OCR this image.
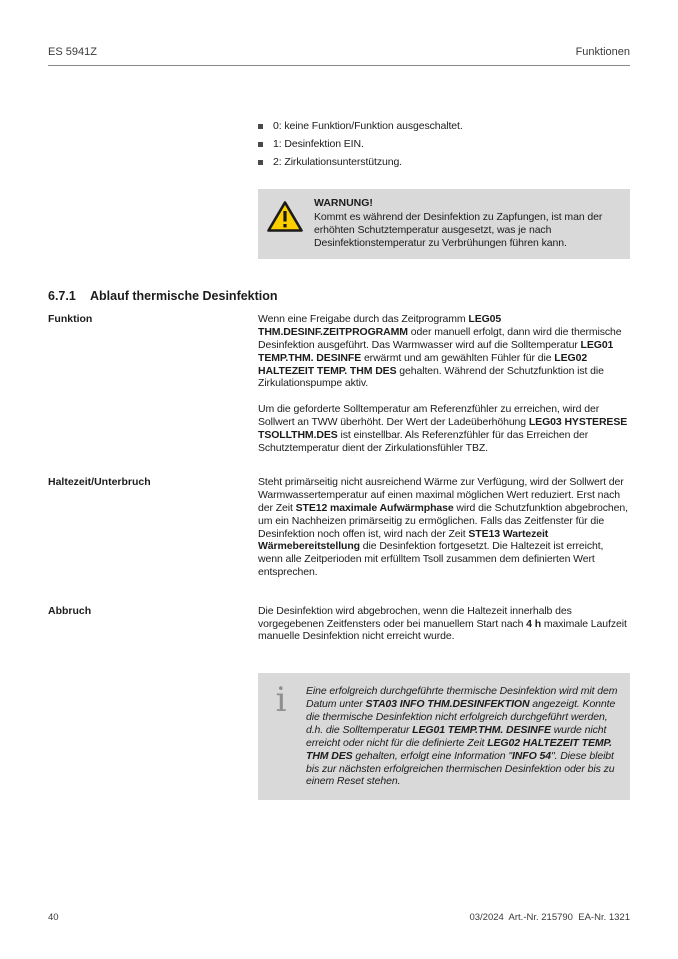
ES 5941Z	Funktionen
0: keine Funktion/Funktion ausgeschaltet.
1: Desinfektion EIN.
2: Zirkulationsunterstützung.
WARNUNG!
Kommt es während der Desinfektion zu Zapfungen, ist man der erhöhten Schutztemperatur ausgesetzt, was je nach Desinfektionstemperatur zu Verbrühungen führen kann.
6.7.1	Ablauf thermische Desinfektion
Funktion	Wenn eine Freigabe durch das Zeitprogramm LEG05 THM.DESINF.ZEITPROGRAMM oder manuell erfolgt, dann wird die thermische Desinfektion ausgeführt. Das Warmwasser wird auf die Solltemperatur LEG01 TEMP.THM. DESINFE erwärmt und am gewählten Fühler für die LEG02 HALTEZEIT TEMP. THM DES gehalten. Während der Schutzfunktion ist die Zirkulationspumpe aktiv.

Um die geforderte Solltemperatur am Referenzfühler zu erreichen, wird der Sollwert an TWW überhöht. Der Wert der Ladeüberhöhung LEG03 HYSTERESE TSOLLTHM.DES ist einstellbar. Als Referenzfühler für das Erreichen der Schutztemperatur dient der Zirkulationsfühler TBZ.

Haltezeit/Unterbruch	Steht primärseitig nicht ausreichend Wärme zur Verfügung, wird der Sollwert der Warmwassertemperatur auf einen maximal möglichen Wert reduziert. Erst nach der Zeit STE12 maximale Aufwärmphase wird die Schutzfunktion abgebrochen, um ein Nachheizen primärseitig zu ermöglichen. Falls das Zeitfenster für die Desinfektion noch offen ist, wird nach der Zeit STE13 Wartezeit Wärmebereitstellung die Desinfektion fortgesetzt. Die Haltezeit ist erreicht, wenn alle Zeitperioden mit erfülltem Tsoll zusammen dem definierten Wert entsprechen.

Abbruch	Die Desinfektion wird abgebrochen, wenn die Haltezeit innerhalb des vorgegebenen Zeitfensters oder bei manuellem Start nach 4 h maximale Laufzeit manuelle Desinfektion nicht erreicht wurde.

i	Eine erfolgreich durchgeführte thermische Desinfektion wird mit dem Datum unter STA03 INFO THM.DESINFEKTION angezeigt. Konnte die thermische Desinfektion nicht erfolgreich durchgeführt werden, d.h. die Solltemperatur LEG01 TEMP.THM. DESINFE wurde nicht erreicht oder nicht für die definierte Zeit LEG02 HALTEZEIT TEMP. THM DES gehalten, erfolgt eine Information "INFO 54". Diese bleibt bis zur nächsten erfolgreichen thermischen Desinfektion oder bis zu einem Reset stehen.

40	03/2024  Art.-Nr. 215790  EA-Nr. 1321
